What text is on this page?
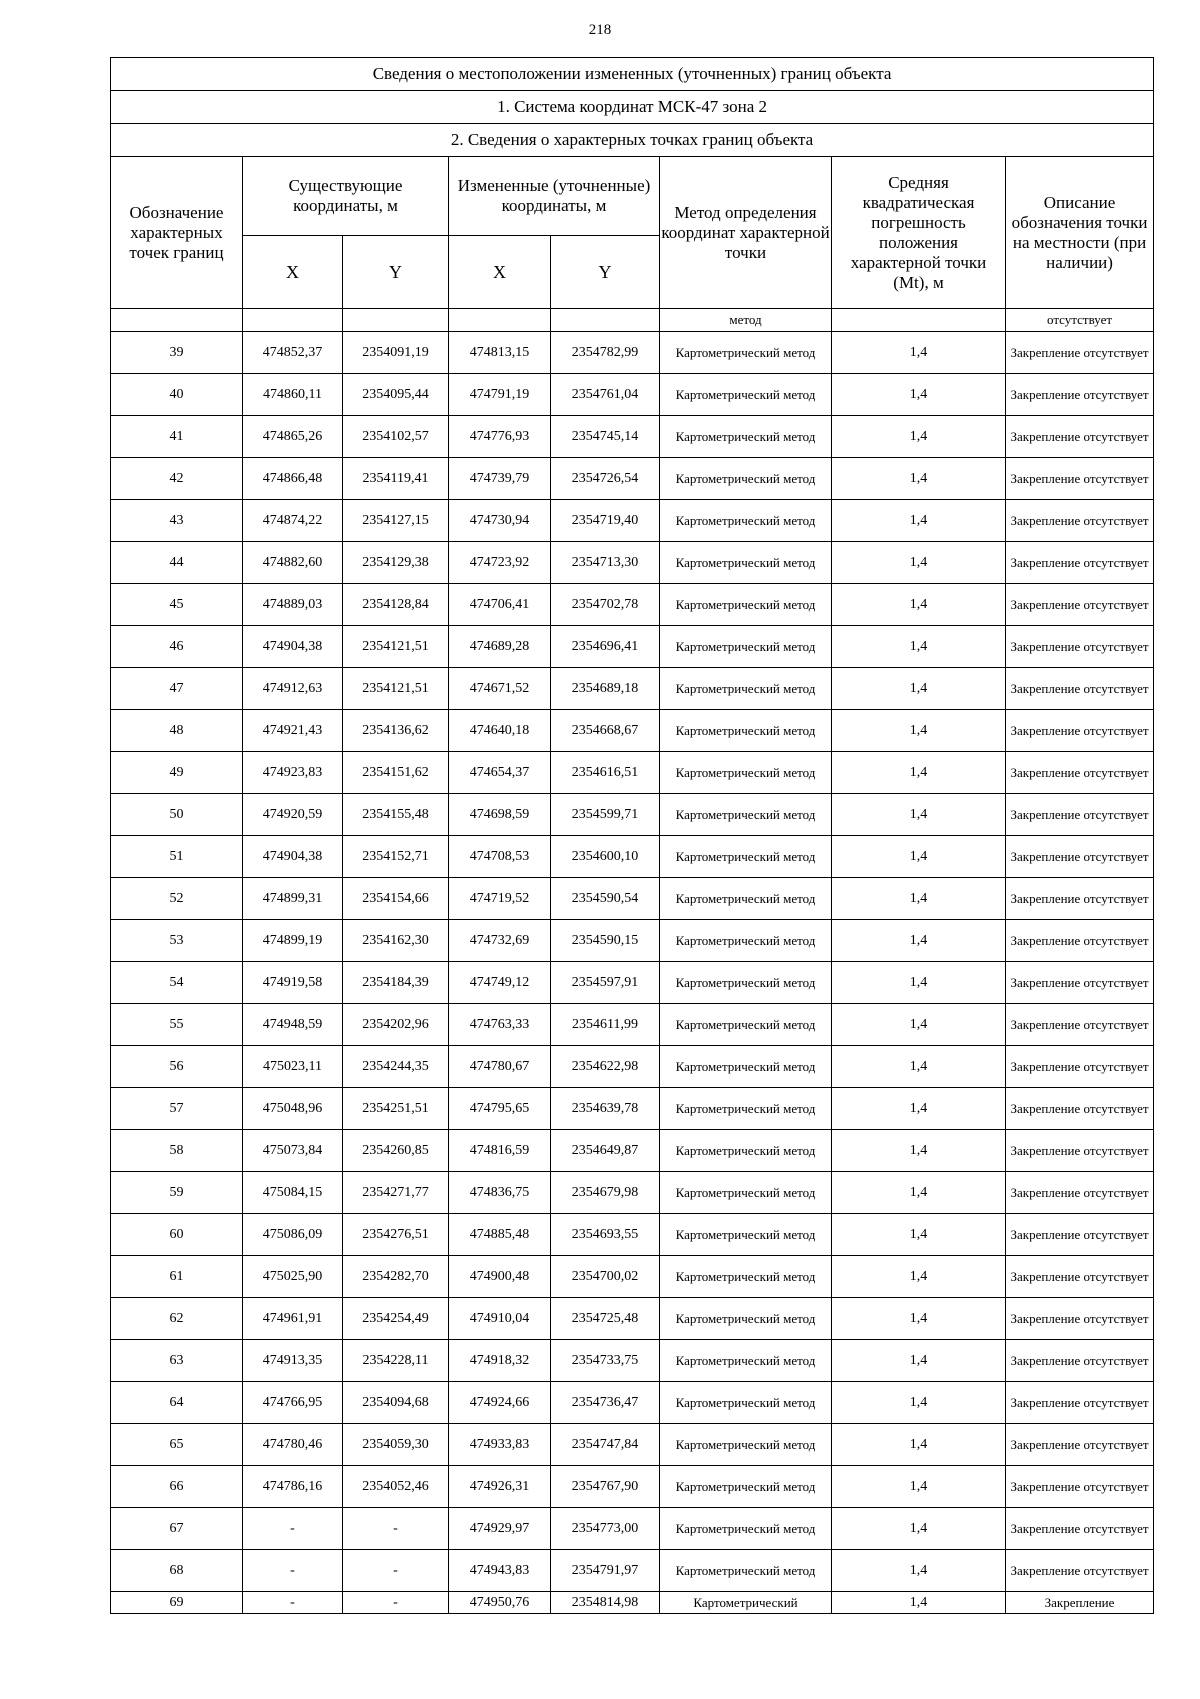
218
Сведения о местоположении измененных (уточненных) границ объекта							
1. Система координат МСК-47 зона 2							
2. Сведения о характерных точках границ объекта							
Обозначение характерных точек границ	Существующие координаты, м		Измененные (уточненные) координаты, м		Метод определения координат характерной точки	Средняя квадратическая погрешность положения характерной точки (Mt), м	Описание обозначения точки на местности (при наличии)
	X	Y	X	Y			
					метод		отсутствует
39	474852,37	2354091,19	474813,15	2354782,99	Картометрический метод	1,4	Закрепление отсутствует
40	474860,11	2354095,44	474791,19	2354761,04	Картометрический метод	1,4	Закрепление отсутствует
41	474865,26	2354102,57	474776,93	2354745,14	Картометрический метод	1,4	Закрепление отсутствует
42	474866,48	2354119,41	474739,79	2354726,54	Картометрический метод	1,4	Закрепление отсутствует
43	474874,22	2354127,15	474730,94	2354719,40	Картометрический метод	1,4	Закрепление отсутствует
44	474882,60	2354129,38	474723,92	2354713,30	Картометрический метод	1,4	Закрепление отсутствует
45	474889,03	2354128,84	474706,41	2354702,78	Картометрический метод	1,4	Закрепление отсутствует
46	474904,38	2354121,51	474689,28	2354696,41	Картометрический метод	1,4	Закрепление отсутствует
47	474912,63	2354121,51	474671,52	2354689,18	Картометрический метод	1,4	Закрепление отсутствует
48	474921,43	2354136,62	474640,18	2354668,67	Картометрический метод	1,4	Закрепление отсутствует
49	474923,83	2354151,62	474654,37	2354616,51	Картометрический метод	1,4	Закрепление отсутствует
50	474920,59	2354155,48	474698,59	2354599,71	Картометрический метод	1,4	Закрепление отсутствует
51	474904,38	2354152,71	474708,53	2354600,10	Картометрический метод	1,4	Закрепление отсутствует
52	474899,31	2354154,66	474719,52	2354590,54	Картометрический метод	1,4	Закрепление отсутствует
53	474899,19	2354162,30	474732,69	2354590,15	Картометрический метод	1,4	Закрепление отсутствует
54	474919,58	2354184,39	474749,12	2354597,91	Картометрический метод	1,4	Закрепление отсутствует
55	474948,59	2354202,96	474763,33	2354611,99	Картометрический метод	1,4	Закрепление отсутствует
56	475023,11	2354244,35	474780,67	2354622,98	Картометрический метод	1,4	Закрепление отсутствует
57	475048,96	2354251,51	474795,65	2354639,78	Картометрический метод	1,4	Закрепление отсутствует
58	475073,84	2354260,85	474816,59	2354649,87	Картометрический метод	1,4	Закрепление отсутствует
59	475084,15	2354271,77	474836,75	2354679,98	Картометрический метод	1,4	Закрепление отсутствует
60	475086,09	2354276,51	474885,48	2354693,55	Картометрический метод	1,4	Закрепление отсутствует
61	475025,90	2354282,70	474900,48	2354700,02	Картометрический метод	1,4	Закрепление отсутствует
62	474961,91	2354254,49	474910,04	2354725,48	Картометрический метод	1,4	Закрепление отсутствует
63	474913,35	2354228,11	474918,32	2354733,75	Картометрический метод	1,4	Закрепление отсутствует
64	474766,95	2354094,68	474924,66	2354736,47	Картометрический метод	1,4	Закрепление отсутствует
65	474780,46	2354059,30	474933,83	2354747,84	Картометрический метод	1,4	Закрепление отсутствует
66	474786,16	2354052,46	474926,31	2354767,90	Картометрический метод	1,4	Закрепление отсутствует
67	-	-	474929,97	2354773,00	Картометрический метод	1,4	Закрепление отсутствует
68	-	-	474943,83	2354791,97	Картометрический метод	1,4	Закрепление отсутствует
69	-	-	474950,76	2354814,98	Картометрический	1,4	Закрепление
